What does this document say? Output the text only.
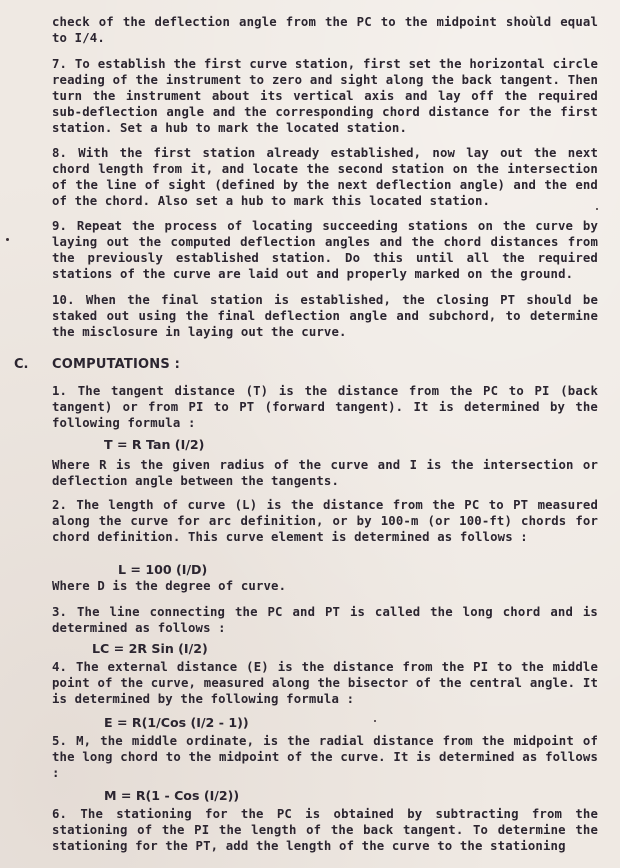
check of the deflection angle from the PC to the midpoint shoùld equal to I/4.

7. To establish the first curve station, first set the horizontal circle reading of the instrument to zero and sight along the back tangent. Then turn the instrument about its vertical axis and lay off the required sub-deflection angle and the corresponding chord distance for the first station. Set a hub to mark the located station.

8. With the first station already established, now lay out the next chord length from it, and locate the second station on the intersection of the line of sight (defined by the next deflection angle) and the end of the chord. Also set a hub to mark this located station.

9. Repeat the process of locating succeeding stations on the curve by laying out the computed deflection angles and the chord distances from the previously established station. Do this until all the required stations of the curve are laid out and properly marked on the ground.

10. When the final station is established, the closing PT should be staked out using the final deflection angle and subchord, to determine the misclosure in laying out the curve.

C. COMPUTATIONS :

1. The tangent distance (T) is the distance from the PC to PI (back tangent) or from PI to PT (forward tangent). It is determined by the following formula :

T = R Tan (I/2)

Where R is the given radius of the curve and I is the intersection or deflection angle between the tangents.

2. The length of curve (L) is the distance from the PC to PT measured along the curve for arc definition, or by 100-m (or 100-ft) chords for chord definition. This curve element is determined as follows :

L = 100 (I/D)

Where D is the degree of curve.

3. The line connecting the PC and PT is called the long chord and is determined as follows :

LC = 2R Sin (I/2)

4. The external distance (E) is the distance from the PI to the middle point of the curve, measured along the bisector of the central angle. It is determined by the following formula :

E = R(1/Cos (I/2 - 1))

5. M, the middle ordinate, is the radial distance from the midpoint of the long chord to the midpoint of the curve. It is determined as follows :

M = R(1 - Cos (I/2))

6. The stationing for the PC is obtained by subtracting from the stationing of the PI the length of the back tangent. To determine the stationing for the PT, add the length of the curve to the stationing
